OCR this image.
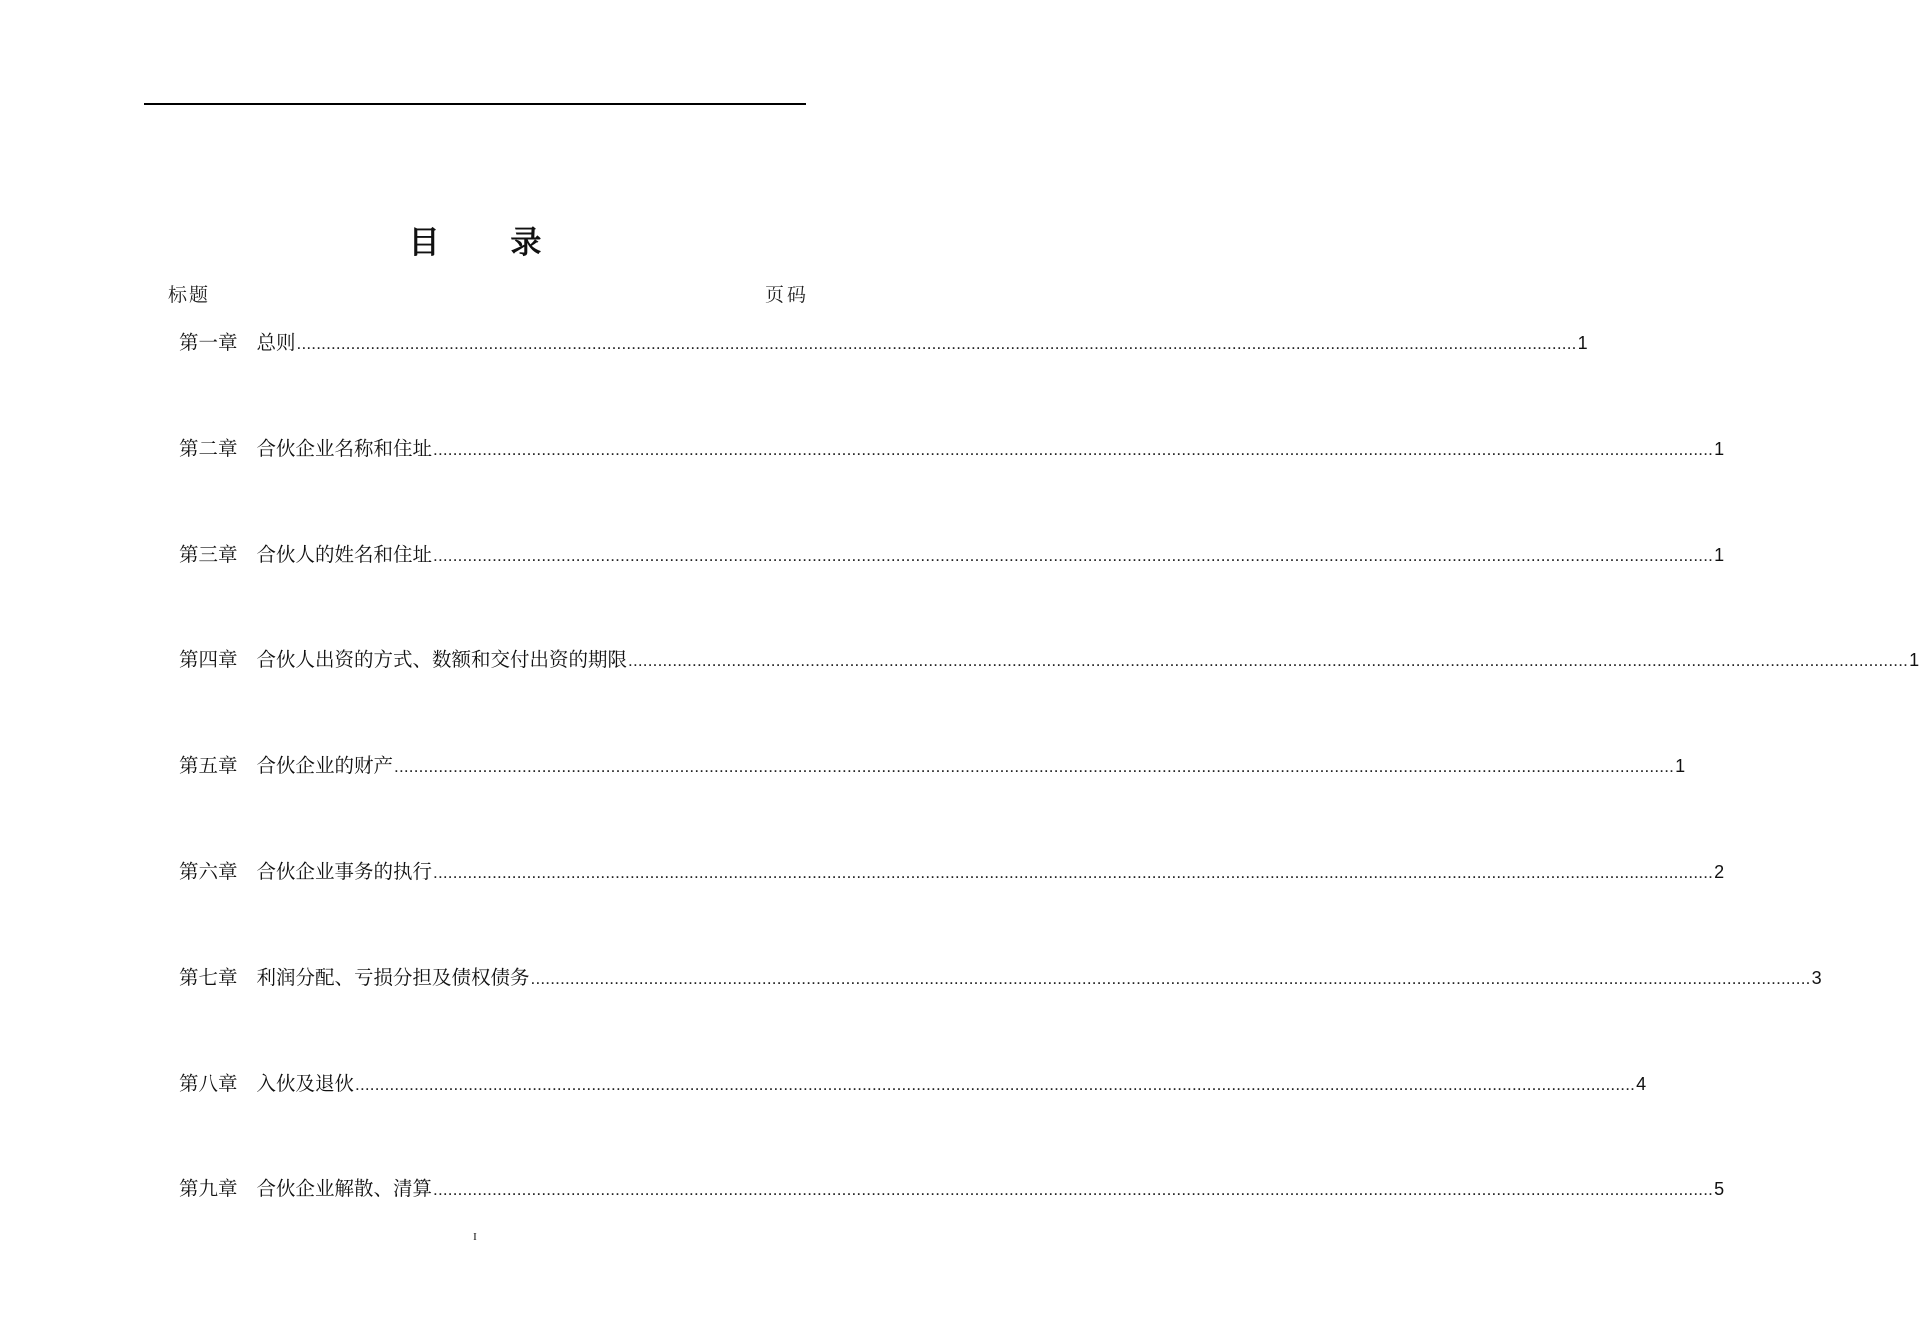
目 录
标题	页码
第一章 总则 .................................................................................................................................................................................................................................................................... 1
第二章 合伙企业名称和住址 .................................................................................................................................................................................................................................................................... 1
第三章 合伙人的姓名和住址 .................................................................................................................................................................................................................................................................... 1
第四章 合伙人出资的方式、数额和交付出资的期限 .................................................................................................................................................................................................................................................................... 1
第五章 合伙企业的财产 .................................................................................................................................................................................................................................................................... 1
第六章 合伙企业事务的执行 .................................................................................................................................................................................................................................................................... 2
第七章 利润分配、亏损分担及债权债务 .................................................................................................................................................................................................................................................................... 3
第八章 入伙及退伙 .................................................................................................................................................................................................................................................................... 4
第九章 合伙企业解散、清算 .................................................................................................................................................................................................................................................................... 5
I
